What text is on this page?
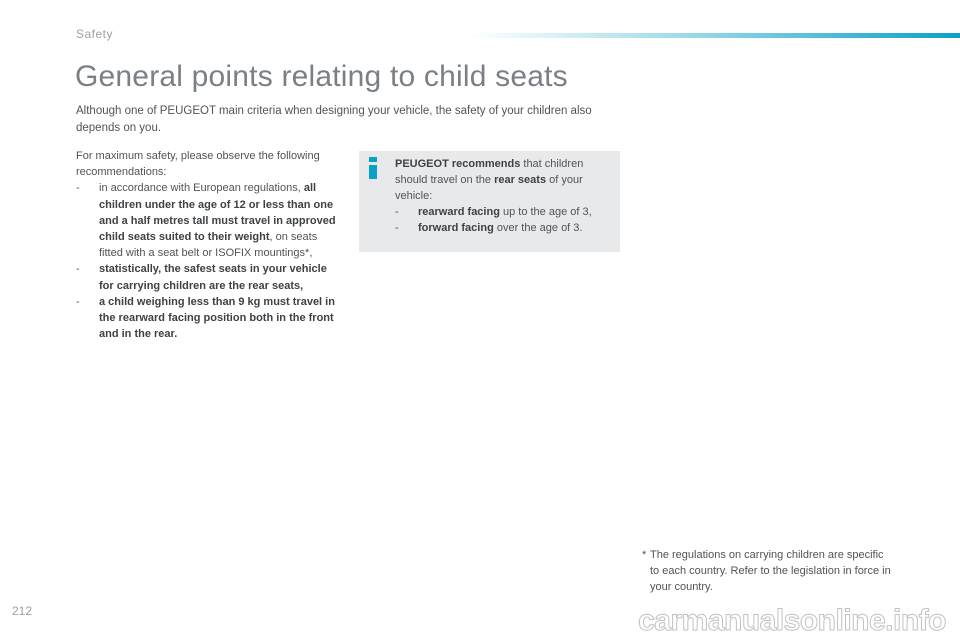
Safety
General points relating to child seats
Although one of PEUGEOT main criteria when designing your vehicle, the safety of your children also depends on you.

For maximum safety, please observe the following recommendations:

-	in accordance with European regulations, all children under the age of 12 or less than one and a half metres tall must travel in approved child seats suited to their weight, on seats fitted with a seat belt or ISOFIX mountings*,
-	statistically, the safest seats in your vehicle for carrying children are the rear seats,
-	a child weighing less than 9 kg must travel in the rearward facing position both in the front and in the rear.

PEUGEOT recommends that children should travel on the rear seats of your vehicle:

-	rearward facing up to the age of 3,
-	forward facing over the age of 3.
* The regulations on carrying children are specific to each country. Refer to the legislation in force in your country.
212	carmanualsonline.info
